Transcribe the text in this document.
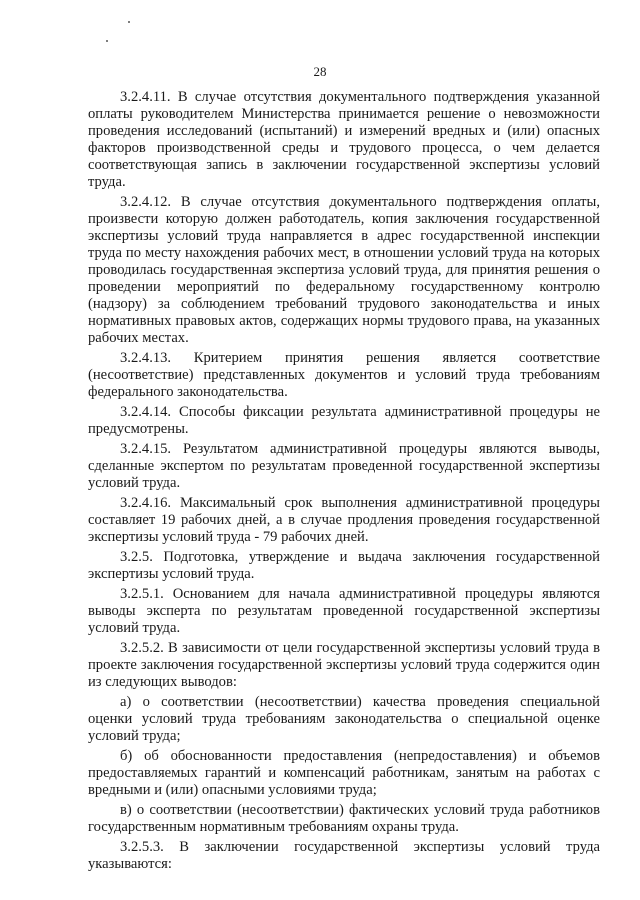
28

3.2.4.11. В случае отсутствия документального подтверждения указанной оплаты руководителем Министерства принимается решение о невозможности проведения исследований (испытаний) и измерений вредных и (или) опасных факторов производственной среды и трудового процесса, о чем делается соответствующая запись в заключении государственной экспертизы условий труда.

3.2.4.12. В случае отсутствия документального подтверждения оплаты, произвести которую должен работодатель, копия заключения государственной экспертизы условий труда направляется в адрес государственной инспекции труда по месту нахождения рабочих мест, в отношении условий труда на которых проводилась государственная экспертиза условий труда, для принятия решения о проведении мероприятий по федеральному государственному контролю (надзору) за соблюдением требований трудового законодательства и иных нормативных правовых актов, содержащих нормы трудового права, на указанных рабочих местах.

3.2.4.13. Критерием принятия решения является соответствие (несоответствие) представленных документов и условий труда требованиям федерального законодательства.

3.2.4.14. Способы фиксации результата административной процедуры не предусмотрены.

3.2.4.15. Результатом административной процедуры являются выводы, сделанные экспертом по результатам проведенной государственной экспертизы условий труда.

3.2.4.16. Максимальный срок выполнения административной процедуры составляет 19 рабочих дней, а в случае продления проведения государственной экспертизы условий труда - 79 рабочих дней.

3.2.5. Подготовка, утверждение и выдача заключения государственной экспертизы условий труда.

3.2.5.1. Основанием для начала административной процедуры являются выводы эксперта по результатам проведенной государственной экспертизы условий труда.

3.2.5.2. В зависимости от цели государственной экспертизы условий труда в проекте заключения государственной экспертизы условий труда содержится один из следующих выводов:

а) о соответствии (несоответствии) качества проведения специальной оценки условий труда требованиям законодательства о специальной оценке условий труда;

б) об обоснованности предоставления (непредоставления) и объемов предоставляемых гарантий и компенсаций работникам, занятым на работах с вредными и (или) опасными условиями труда;

в) о соответствии (несоответствии) фактических условий труда работников государственным нормативным требованиям охраны труда.

3.2.5.3. В заключении государственной экспертизы условий труда указываются:
